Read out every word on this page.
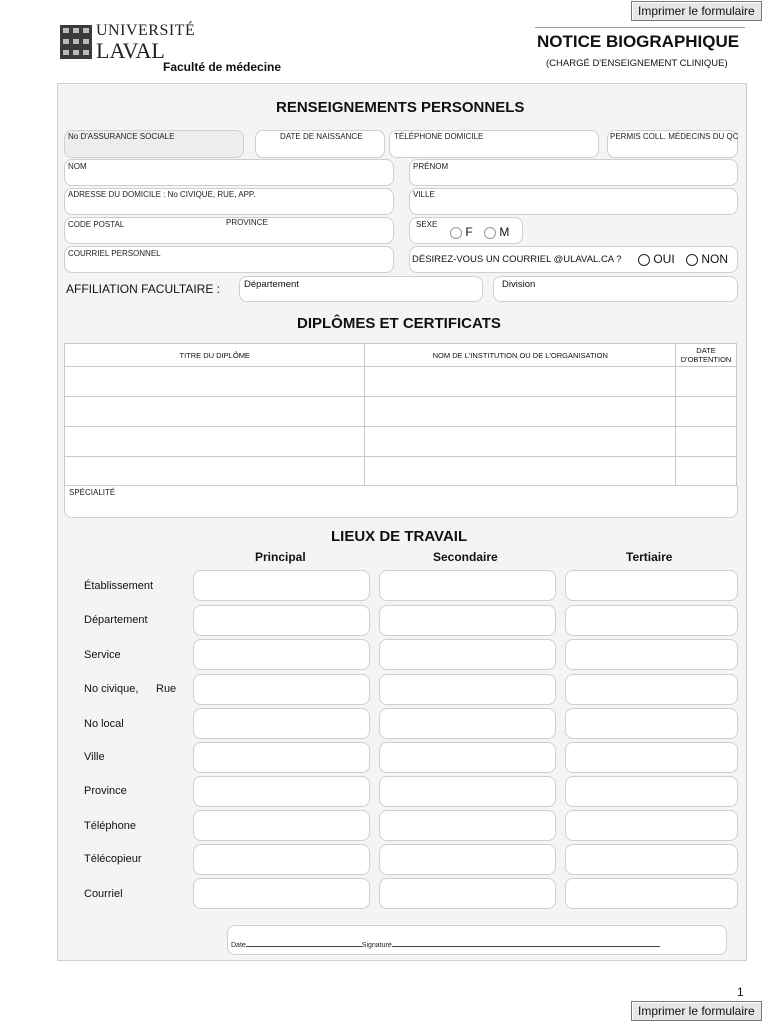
Imprimer le formulaire
UNIVERSITÉ
LAVAL
Faculté de médecine
NOTICE BIOGRAPHIQUE
(CHARGÉ D'ENSEIGNEMENT CLINIQUE)
RENSEIGNEMENTS PERSONNELS
No D'ASSURANCE SOCIALE	DATE DE NAISSANCE	TÉLÉPHONE DOMICILE	PERMIS COLL. MÉDECINS DU QC
NOM	PRÉNOM
ADRESSE DU DOMICILE : No CIVIQUE, RUE, APP.	VILLE
CODE POSTAL	PROVINCE	SEXE
F M
COURRIEL PERSONNEL
DÉSIREZ-VOUS UN COURRIEL @ULAVAL.CA ?	OUI NON
AFFILIATION FACULTAIRE :	Département	Division
DIPLÔMES ET CERTIFICATS
TITRE DU DIPLÔME	NOM DE L'INSTITUTION OU DE L'ORGANISATION	DATE
D'OBTENTION

SPÉCIALITÉ
LIEUX DE TRAVAIL
Principal	Secondaire	Tertiaire
Établissement
Département
Service
No civique, Rue
No local
Ville
Province
Téléphone
Télécopieur
Courriel
Date	Signature
1
Imprimer le formulaire
